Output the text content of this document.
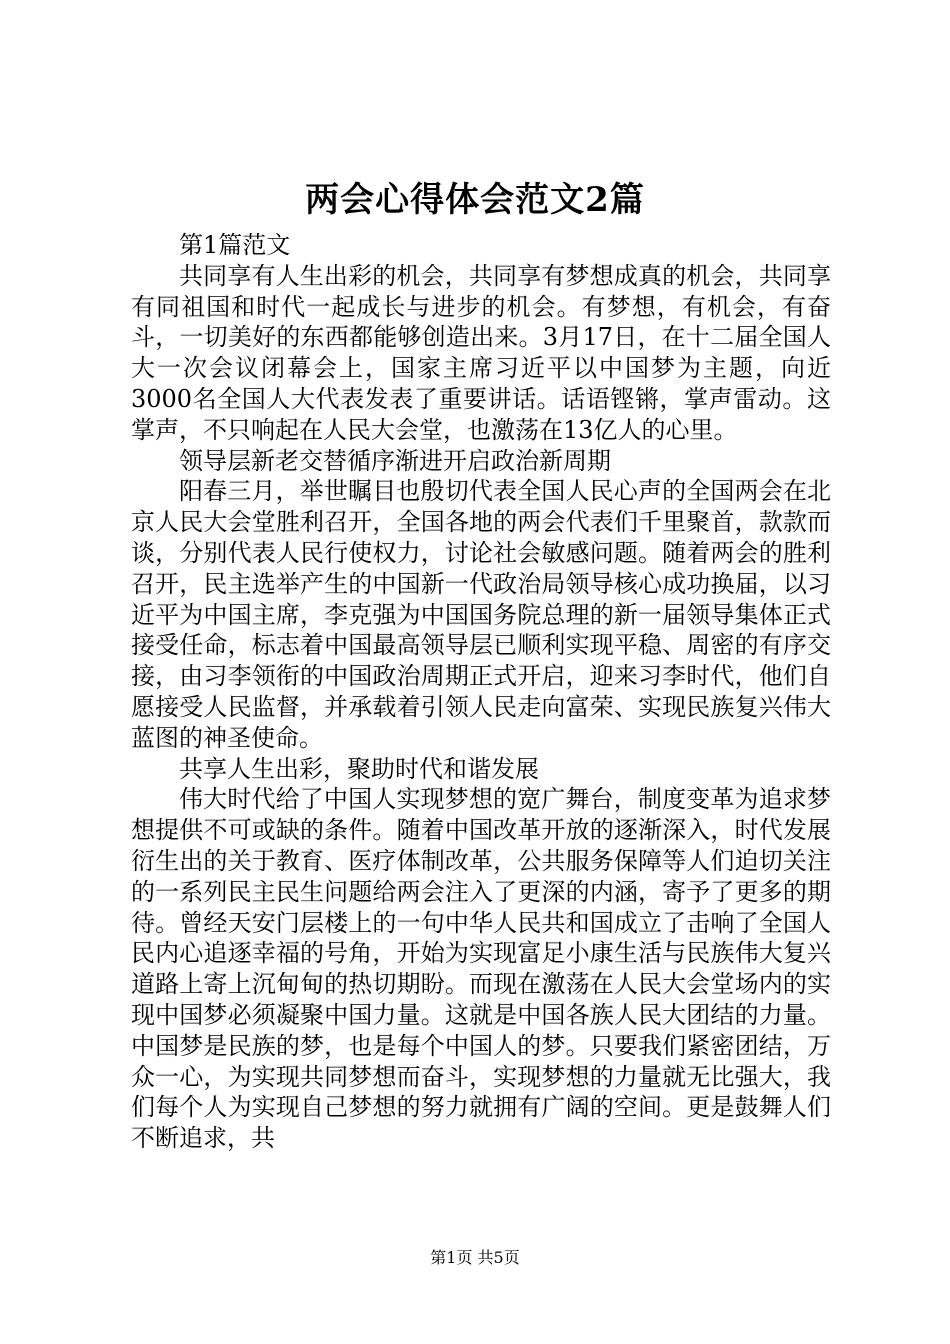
两会心得体会范文2篇

第1篇范文

共同享有人生出彩的机会，共同享有梦想成真的机会，共同享有同祖国和时代一起成长与进步的机会。有梦想，有机会，有奋斗，一切美好的东西都能够创造出来。3月17日，在十二届全国人大一次会议闭幕会上，国家主席习近平以中国梦为主题，向近3000名全国人大代表发表了重要讲话。话语铿锵，掌声雷动。这掌声，不只响起在人民大会堂，也激荡在13亿人的心里。

领导层新老交替循序渐进开启政治新周期

阳春三月，举世瞩目也殷切代表全国人民心声的全国两会在北京人民大会堂胜利召开，全国各地的两会代表们千里聚首，款款而谈，分别代表人民行使权力，讨论社会敏感问题。随着两会的胜利召开，民主选举产生的中国新一代政治局领导核心成功换届，以习近平为中国主席，李克强为中国国务院总理的新一届领导集体正式接受任命，标志着中国最高领导层已顺利实现平稳、周密的有序交接，由习李领衔的中国政治周期正式开启，迎来习李时代，他们自愿接受人民监督，并承载着引领人民走向富荣、实现民族复兴伟大蓝图的神圣使命。

共享人生出彩，聚助时代和谐发展

伟大时代给了中国人实现梦想的宽广舞台，制度变革为追求梦想提供不可或缺的条件。随着中国改革开放的逐渐深入，时代发展衍生出的关于教育、医疗体制改革，公共服务保障等人们迫切关注的一系列民主民生问题给两会注入了更深的内涵，寄予了更多的期待。曾经天安门层楼上的一句中华人民共和国成立了击响了全国人民内心追逐幸福的号角，开始为实现富足小康生活与民族伟大复兴道路上寄上沉甸甸的热切期盼。而现在激荡在人民大会堂场内的实现中国梦必须凝聚中国力量。这就是中国各族人民大团结的力量。中国梦是民族的梦，也是每个中国人的梦。只要我们紧密团结，万众一心，为实现共同梦想而奋斗，实现梦想的力量就无比强大，我们每个人为实现自己梦想的努力就拥有广阔的空间。更是鼓舞人们不断追求，共

第1页 共5页
